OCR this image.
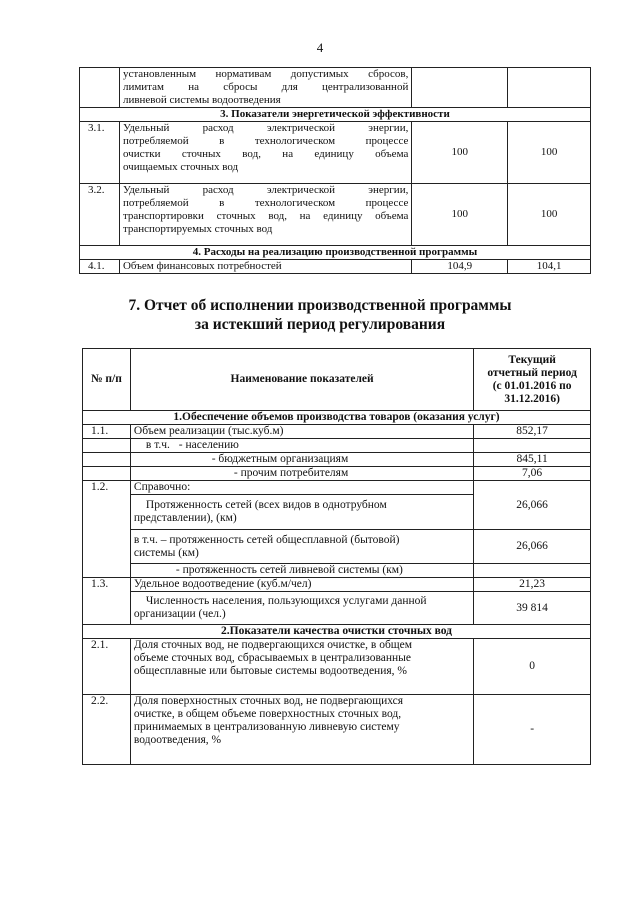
4

	установленным нормативам допустимых сбросов,
лимитам на сбросы для централизованной
ливневой системы водоотведения		

3. Показатели энергетической эффективности			
3.1.	Удельный расход электрической энергии,
потребляемой в технологическом процессе
очистки сточных вод, на единицу объема
очищаемых сточных вод	100	100
3.2.	Удельный расход электрической энергии,
потребляемой в технологическом процессе
транспортировки сточных вод, на единицу объема
транспортируемых сточных вод	100	100
4. Расходы на реализацию производственной программы			
4.1.	Объем финансовых потребностей	104,9	104,1
7. Отчет об исполнении производственной программы
за истекший период регулирования
№ п/п	Наименование показателей	Текущий
отчетный период
(с 01.01.2016 по
31.12.2016)

1.Обеспечение объемов производства товаров (оказания услуг)		
1.1.	Объем реализации (тыс.куб.м)	852,17
	в т.ч. - населению	
	- бюджетным организациям	845,11
	- прочим потребителям	7,06
1.2.	Справочно:	26,066

	Протяженность сетей (всех видов в однотрубном
представлении), (км)	

	в т.ч. – протяженность сетей общесплавной (бытовой)
системы (км)	26,066
	- протяженность сетей ливневой системы (км)	
1.3.	Удельное водоотведение (куб.м/чел)	21,23

	Численность населения, пользующихся услугами данной
организации (чел.)	39 814
2.Показатели качества очистки сточных вод		
2.1.	Доля сточных вод, не подвергающихся очистке, в общем
объеме сточных вод, сбрасываемых в централизованные
общесплавные или бытовые системы водоотведения, %	0
2.2.	Доля поверхностных сточных вод, не подвергающихся
очистке, в общем объеме поверхностных сточных вод,
принимаемых в централизованную ливневую систему
водоотведения, %	-
